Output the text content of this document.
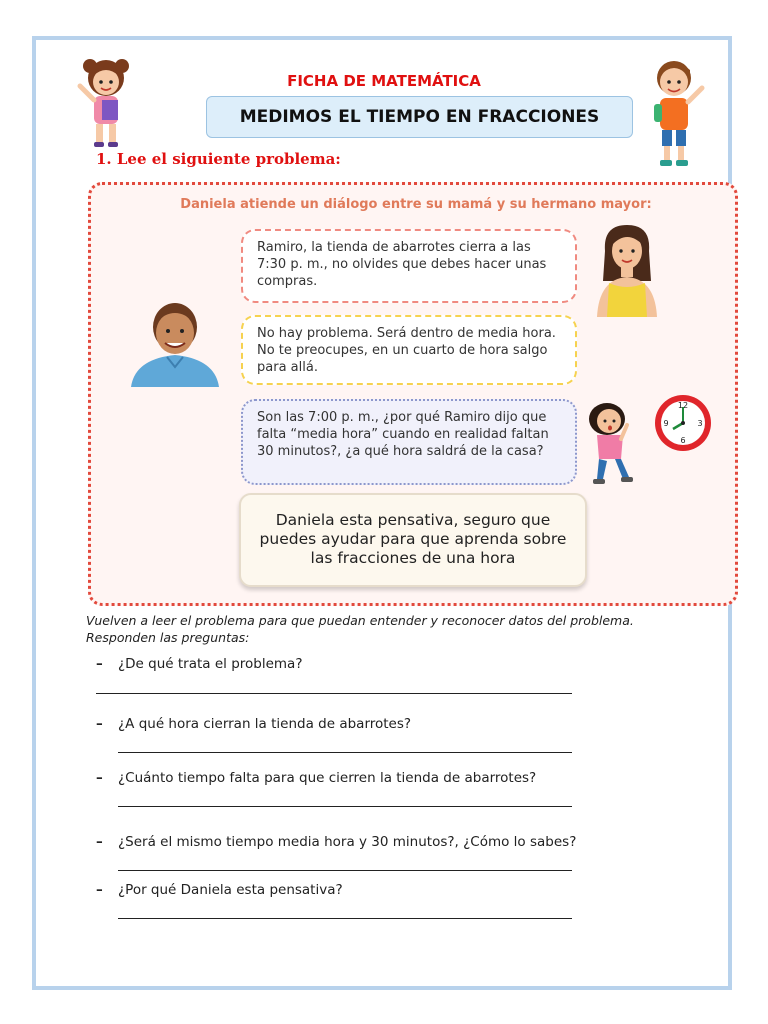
FICHA DE MATEMÁTICA
MEDIMOS EL TIEMPO EN FRACCIONES
1. Lee el siguiente problema:
Daniela atiende un diálogo entre su mamá y su hermano mayor:
Ramiro, la tienda de abarrotes cierra a las 7:30 p. m., no olvides que debes hacer unas compras.
No hay problema. Será dentro de media hora. No te preocupes, en un cuarto de hora salgo para allá.
Son las 7:00 p. m., ¿por qué Ramiro dijo que falta “media hora” cuando en realidad faltan 30 minutos?, ¿a qué hora saldrá de la casa?
Daniela esta pensativa, seguro que puedes ayudar para que aprenda sobre las fracciones de una hora
12
3
6
9
Vuelven a leer el problema para que puedan entender y reconocer datos del problema. Responden las preguntas:
– ¿De qué trata el problema?
– ¿A qué hora cierran la tienda de abarrotes?
– ¿Cuánto tiempo falta para que cierren la tienda de abarrotes?
– ¿Será el mismo tiempo media hora y 30 minutos?, ¿Cómo lo sabes?
– ¿Por qué Daniela esta pensativa?
